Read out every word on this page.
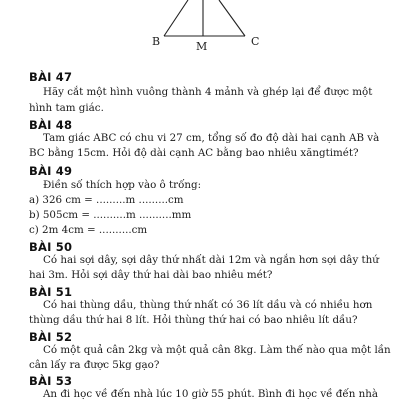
B	M	C
BÀI 47
Hãy cắt một hình vuông thành 4 mảnh và ghép lại để được một
hình tam giác.
BÀI 48
Tam giác ABC có chu vi 27 cm, tổng số đo độ dài hai cạnh AB và
BC bằng 15cm. Hỏi độ dài cạnh AC bằng bao nhiêu xăngtimét?
BÀI 49
Điền số thích hợp vào ô trống:
a) 326 cm = .........m .........cm
b) 505cm = ..........m ..........mm
c) 2m 4cm = ..........cm
BÀI 50
Có hai sợi dây, sợi dây thứ nhất dài 12m và ngắn hơn sợi dây thứ
hai 3m. Hỏi sợi dây thứ hai dài bao nhiêu mét?
BÀI 51
Có hai thùng dầu, thùng thứ nhất có 36 lít dầu và có nhiều hơn
thùng dầu thứ hai 8 lít. Hỏi thùng thứ hai có bao nhiêu lít dầu?
BÀI 52
Có một quả cân 2kg và một quả cân 8kg. Làm thế nào qua một lần
cân lấy ra được 5kg gạo?
BÀI 53
An đi học về đến nhà lúc 10 giờ 55 phút. Bình đi học về đến nhà
